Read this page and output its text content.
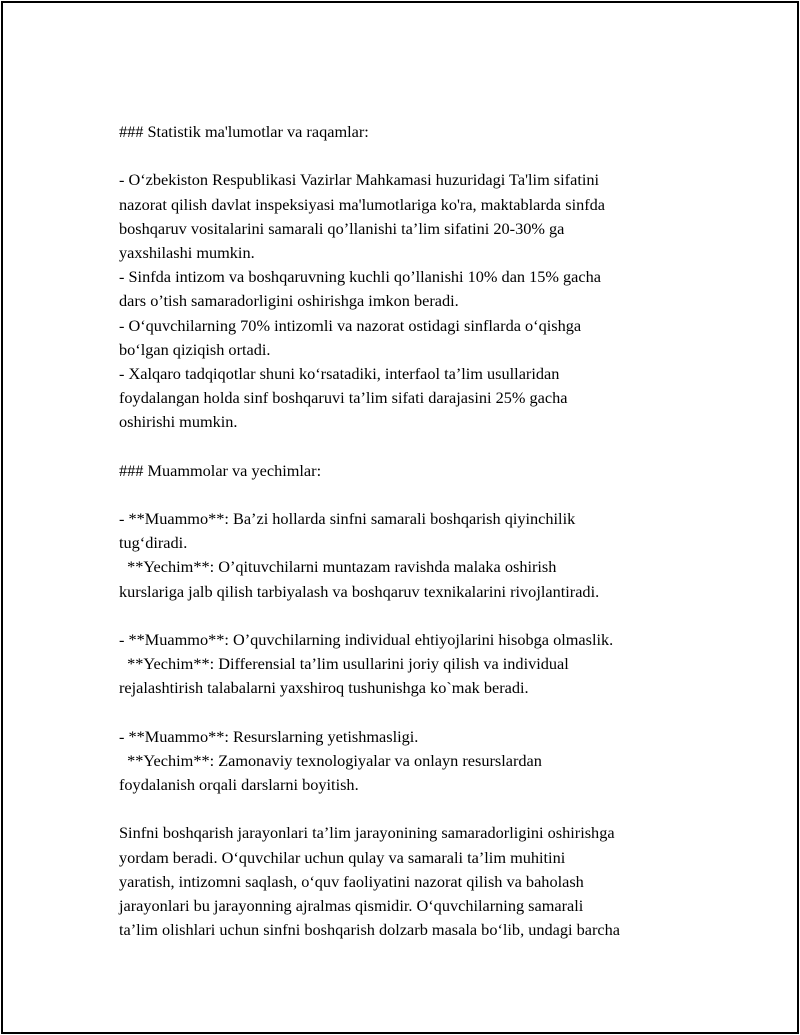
### Statistik ma'lumotlar va raqamlar:
- O‘zbekiston Respublikasi Vazirlar Mahkamasi huzuridagi Ta'lim sifatini
nazorat qilish davlat inspeksiyasi ma'lumotlariga ko'ra, maktablarda sinfda
boshqaruv vositalarini samarali qo’llanishi ta’lim sifatini 20-30% ga
yaxshilashi mumkin.
- Sinfda intizom va boshqaruvning kuchli qo’llanishi 10% dan 15% gacha
dars o’tish samaradorligini oshirishga imkon beradi.
- O‘quvchilarning 70% intizomli va nazorat ostidagi sinflarda o‘qishga
bo‘lgan qiziqish ortadi.
- Xalqaro tadqiqotlar shuni ko‘rsatadiki, interfaol ta’lim usullaridan
foydalangan holda sinf boshqaruvi ta’lim sifati darajasini 25% gacha
oshirishi mumkin.
### Muammolar va yechimlar:
- **Muammo**: Ba’zi hollarda sinfni samarali boshqarish qiyinchilik
tug‘diradi.
**Yechim**: O’qituvchilarni muntazam ravishda malaka oshirish
kurslariga jalb qilish tarbiyalash va boshqaruv texnikalarini rivojlantiradi.
- **Muammo**: O’quvchilarning individual ehtiyojlarini hisobga olmaslik.
**Yechim**: Differensial ta’lim usullarini joriy qilish va individual
rejalashtirish talabalarni yaxshiroq tushunishga ko`mak beradi.
- **Muammo**: Resurslarning yetishmasligi.
**Yechim**: Zamonaviy texnologiyalar va onlayn resurslardan
foydalanish orqali darslarni boyitish.
Sinfni boshqarish jarayonlari ta’lim jarayonining samaradorligini oshirishga
yordam beradi. O‘quvchilar uchun qulay va samarali ta’lim muhitini
yaratish, intizomni saqlash, o‘quv faoliyatini nazorat qilish va baholash
jarayonlari bu jarayonning ajralmas qismidir. O‘quvchilarning samarali
ta’lim olishlari uchun sinfni boshqarish dolzarb masala bo‘lib, undagi barcha
